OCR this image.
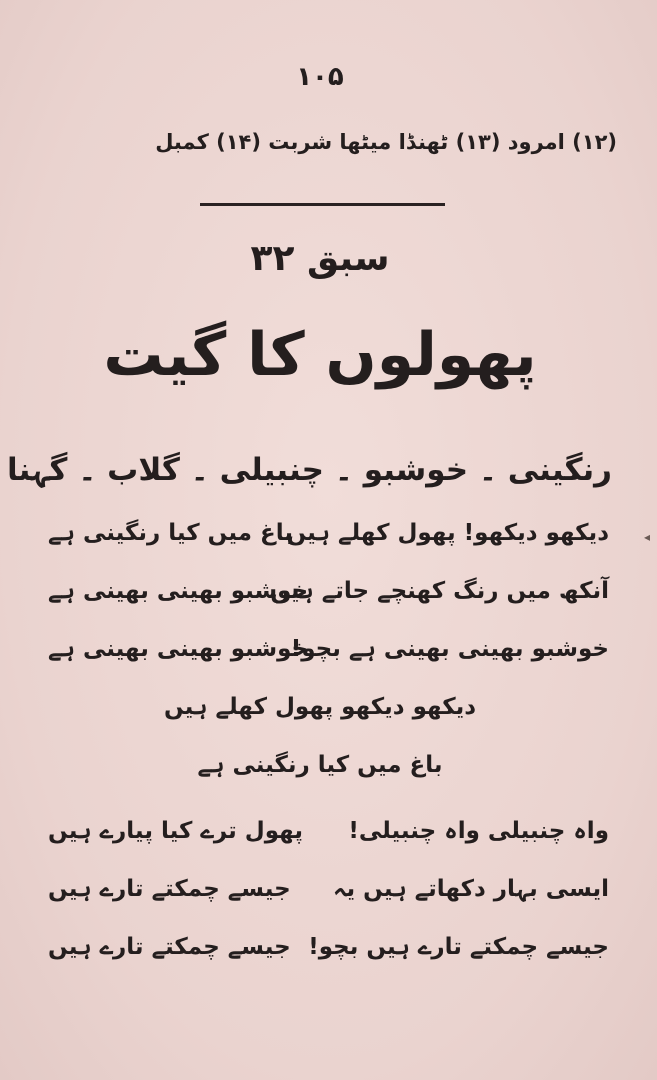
۱۰۵
(۱۲) امرود (۱۳) ٹھنڈا میٹھا شربت (۱۴) کمبل
سبق ۳۲
پھولوں کا گیت
رنگینی ۔ خوشبو ۔ چنبیلی ۔ گلاب ۔ گہنا
دیکھو دیکھو! پھول کھلے ہیں
باغ میں کیا رنگینی ہے
آنکھ میں رنگ کھنچے جاتے ہیں
خوشبو بھینی بھینی ہے
خوشبو بھینی بھینی ہے بچو!
خوشبو بھینی بھینی ہے
دیکھو دیکھو پھول کھلے ہیں
باغ میں کیا رنگینی ہے
واہ چنبیلی واہ چنبیلی!
پھول ترے کیا پیارے ہیں
ایسی بہار دکھاتے ہیں یہ
جیسے چمکتے تارے ہیں
جیسے چمکتے تارے ہیں بچو!
جیسے چمکتے تارے ہیں
◂
